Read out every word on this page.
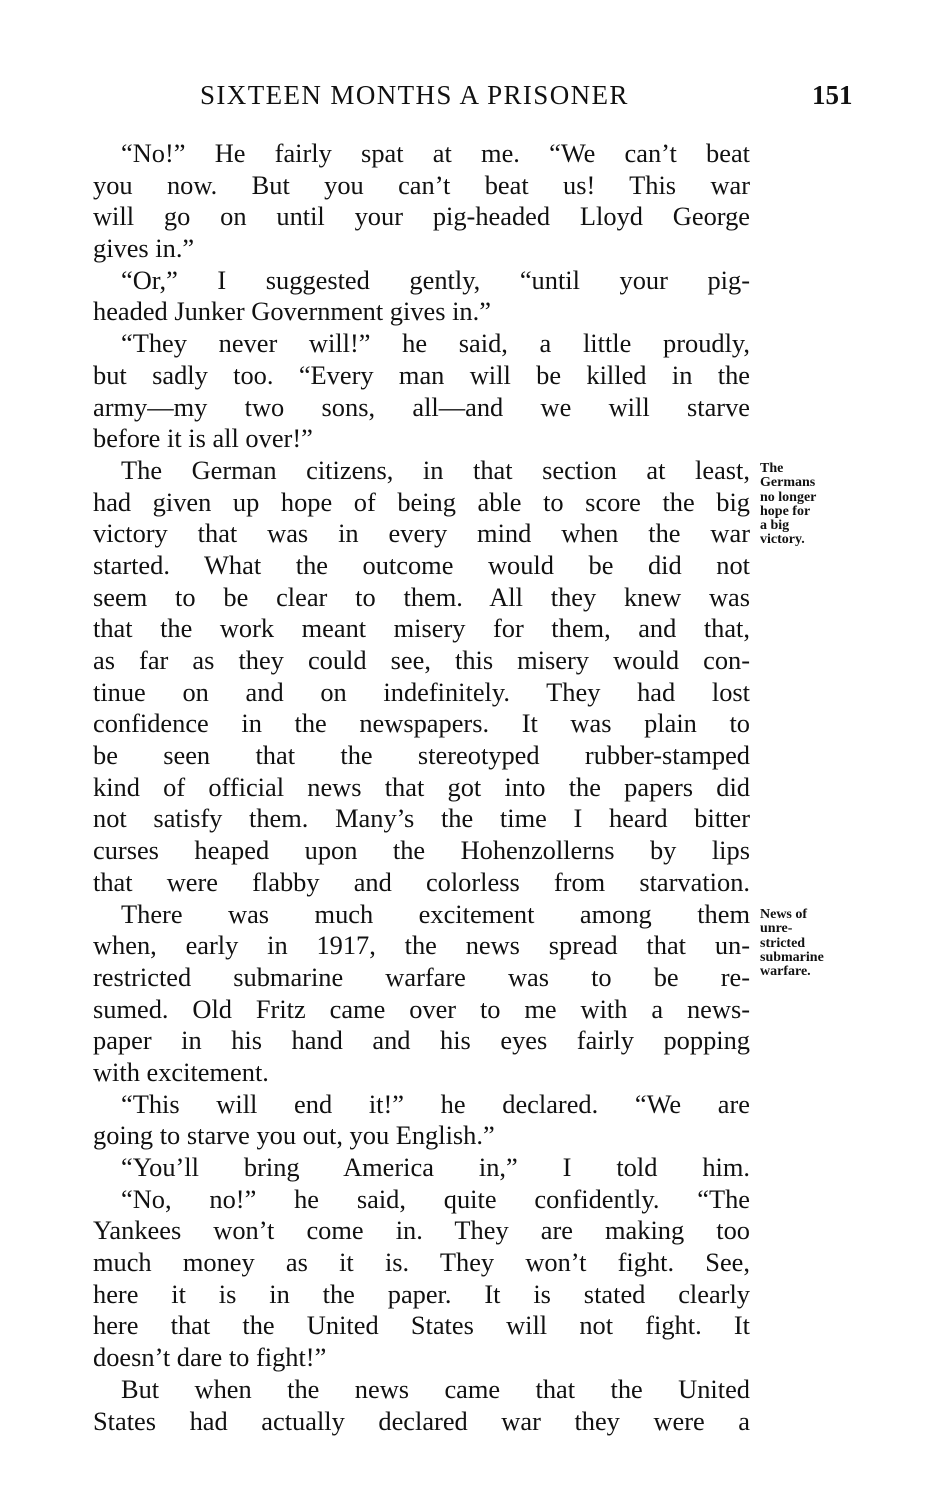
SIXTEEN MONTHS A PRISONER	151
“No!” He fairly spat at me. “We can’t beat
you now. But you can’t beat us! This war
will go on until your pig-headed Lloyd George
gives in.”
“Or,” I suggested gently, “until your pig-
headed Junker Government gives in.”
“They never will!” he said, a little proudly,
but sadly too. “Every man will be killed in the
army—my two sons, all—and we will starve
before it is all over!”
The German citizens, in that section at least,
had given up hope of being able to score the big
victory that was in every mind when the war
started. What the outcome would be did not
seem to be clear to them. All they knew was
that the work meant misery for them, and that,
as far as they could see, this misery would con-
tinue on and on indefinitely. They had lost
confidence in the newspapers. It was plain to
be seen that the stereotyped rubber-stamped
kind of official news that got into the papers did
not satisfy them. Many’s the time I heard bitter
curses heaped upon the Hohenzollerns by lips
that were flabby and colorless from starvation.
There was much excitement among them
when, early in 1917, the news spread that un-
restricted submarine warfare was to be re-
sumed. Old Fritz came over to me with a news-
paper in his hand and his eyes fairly popping
with excitement.
“This will end it!” he declared. “We are
going to starve you out, you English.”
“You’ll bring America in,” I told him.
“No, no!” he said, quite confidently. “The
Yankees won’t come in. They are making too
much money as it is. They won’t fight. See,
here it is in the paper. It is stated clearly
here that the United States will not fight. It
doesn’t dare to fight!”
But when the news came that the United
States had actually declared war they were a
The
Germans
no longer
hope for
a big
victory.
News of
unre-
stricted
submarine
warfare.
